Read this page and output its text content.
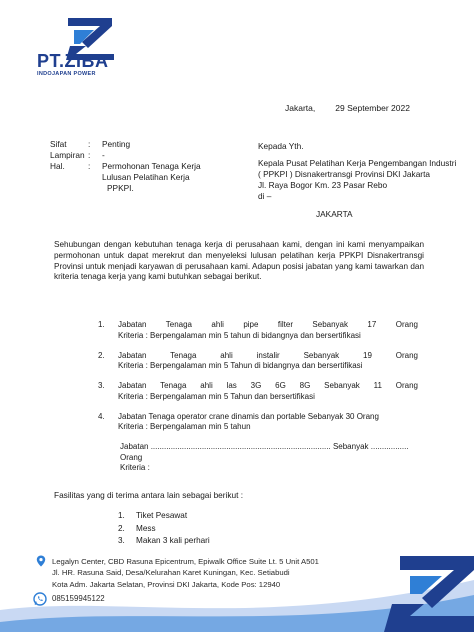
PT.ZIBA
INDOJAPAN POWER
Jakarta, 29 September 2022
Sifat	:	Penting
Lampiran :	-
Hal.	:	Permohonan Tenaga Kerja
Lulusan Pelatihan Kerja
PPKPI.
Kepada Yth.
Kepala Pusat Pelatihan Kerja Pengembangan Industri
( PPKPI ) Disnakertransgi Provinsi DKI Jakarta
Jl. Raya Bogor Km. 23 Pasar Rebo
di –
JAKARTA
Sehubungan dengan kebutuhan tenaga kerja di perusahaan kami, dengan ini kami menyampaikan permohonan untuk dapat merekrut dan menyeleksi lulusan pelatihan kerja PPKPI Disnakertransgi Provinsi untuk menjadi karyawan di perusahaan kami. Adapun posisi jabatan yang kami tawarkan dan kriteria tenaga kerja yang kami butuhkan sebagai berikut.
1.	Jabatan Tenaga ahli pipe filter Sebanyak 17 Orang
Kriteria : Berpengalaman min 5 tahun di bidangnya dan bersertifikasi
2.	Jabatan Tenaga ahli instalir Sebanyak 19 Orang
Kriteria : Berpengalaman min 5 Tahun di bidangnya dan bersertifikasi
3.	Jabatan Tenaga ahli las 3G 6G 8G Sebanyak 11 Orang
Kriteria : Berpengalaman min 5 Tahun dan bersertifikasi
4.	Jabatan Tenaga operator crane dinamis dan portable Sebanyak 30 Orang
Kriteria : Berpengalaman min 5 tahun
Jabatan ................................................................................. Sebanyak ................. Orang
Kriteria :
Fasilitas yang di terima antara lain sebagai berikut :
1.	Tiket Pesawat
2.	Mess
3.	Makan 3 kali perhari
Legalyn Center, CBD Rasuna Epicentrum, Epiwalk Office Suite Lt. 5 Unit A501
Jl. HR. Rasuna Said, Desa/Kelurahan Karet Kuningan, Kec. Setiabudi
Kota Adm. Jakarta Selatan, Provinsi DKI Jakarta, Kode Pos: 12940
085159945122
